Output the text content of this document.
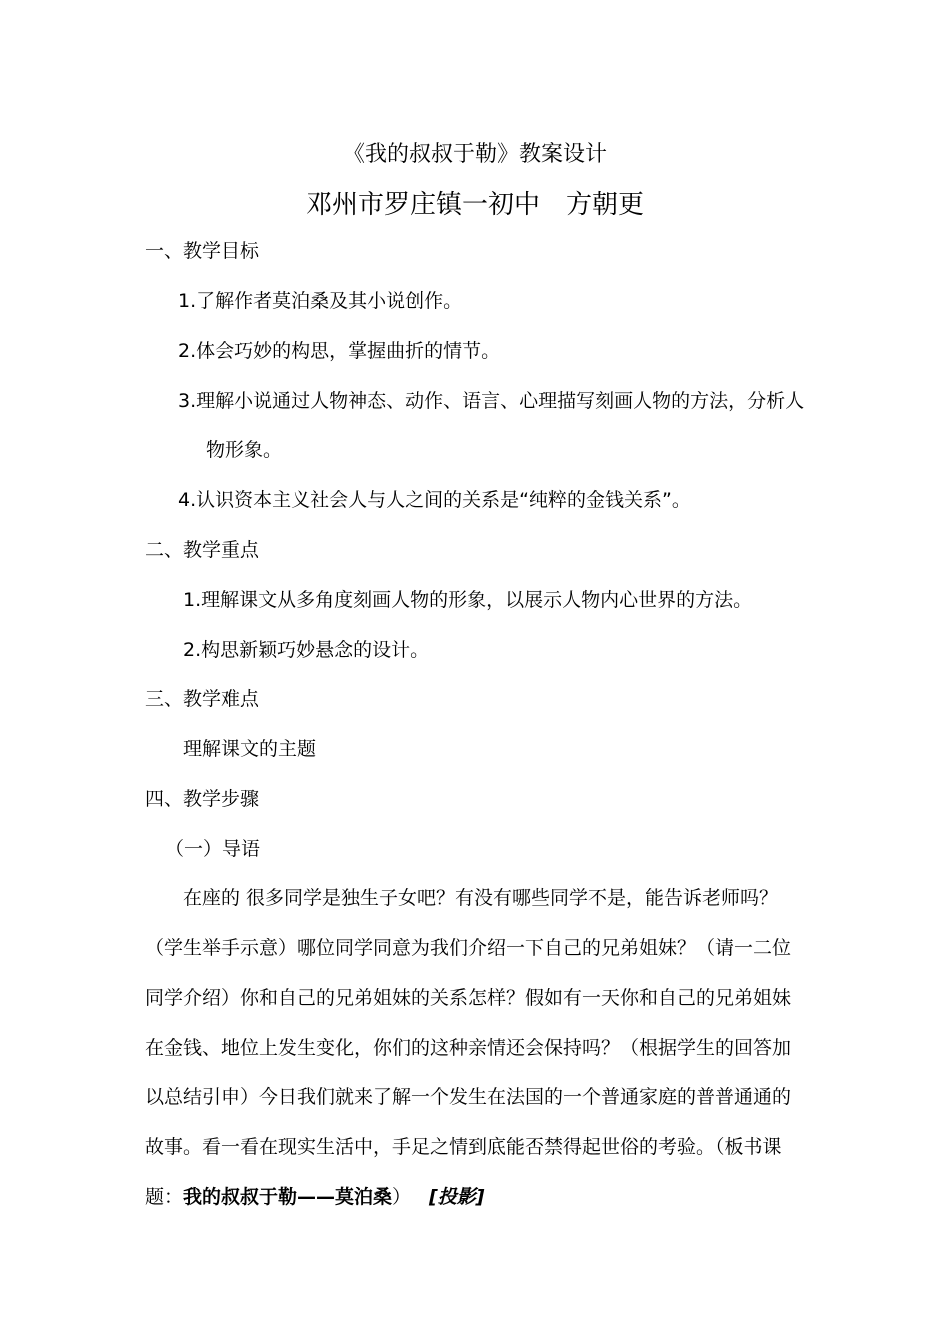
《我的叔叔于勒》教案设计
邓州市罗庄镇一初中 方朝更
一、教学目标
1.了解作者莫泊桑及其小说创作。
2.体会巧妙的构思，掌握曲折的情节。
3.理解小说通过人物神态、动作、语言、心理描写刻画人物的方法，分析人
物形象。
4.认识资本主义社会人与人之间的关系是“纯粹的金钱关系”。
二、教学重点
1.理解课文从多角度刻画人物的形象，以展示人物内心世界的方法。
2.构思新颖巧妙悬念的设计。
三、教学难点
理解课文的主题
四、教学步骤
（一）导语
在座的 很多同学是独生子女吧？有没有哪些同学不是，能告诉老师吗？
（学生举手示意）哪位同学同意为我们介绍一下自己的兄弟姐妹？（请一二位
同学介绍）你和自己的兄弟姐妹的关系怎样？假如有一天你和自己的兄弟姐妹
在金钱、地位上发生变化，你们的这种亲情还会保持吗？（根据学生的回答加
以总结引申）今日我们就来了解一个发生在法国的一个普通家庭的普普通通的
故事。看一看在现实生活中，手足之情到底能否禁得起世俗的考验。（板书课
题：我的叔叔于勒——莫泊桑） [投影]
